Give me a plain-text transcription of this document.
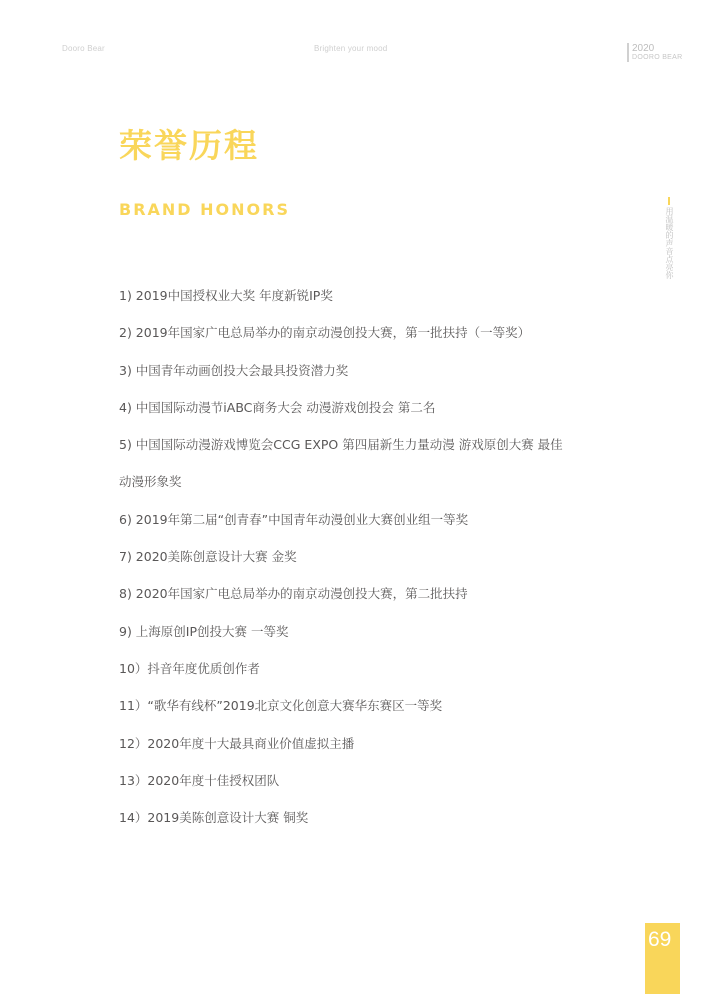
Dooro Bear	Brighten your mood	2020
DOORO BEAR
荣誉历程
BRAND HONORS	用温暖的声音点亮你
1) 2019中国授权业大奖 年度新锐IP奖
2) 2019年国家广电总局举办的南京动漫创投大赛，第一批扶持（一等奖）
3) 中国青年动画创投大会最具投资潜力奖
4) 中国国际动漫节iABC商务大会 动漫游戏创投会 第二名
5) 中国国际动漫游戏博览会CCG EXPO 第四届新生力量动漫 游戏原创大赛 最佳
动漫形象奖
6) 2019年第二届“创青春”中国青年动漫创业大赛创业组一等奖
7) 2020美陈创意设计大赛 金奖
8) 2020年国家广电总局举办的南京动漫创投大赛，第二批扶持
9) 上海原创IP创投大赛 一等奖
10）抖音年度优质创作者
11）“歌华有线杯”2019北京文化创意大赛华东赛区一等奖
12）2020年度十大最具商业价值虚拟主播
13）2020年度十佳授权团队
14）2019美陈创意设计大赛 铜奖
69
